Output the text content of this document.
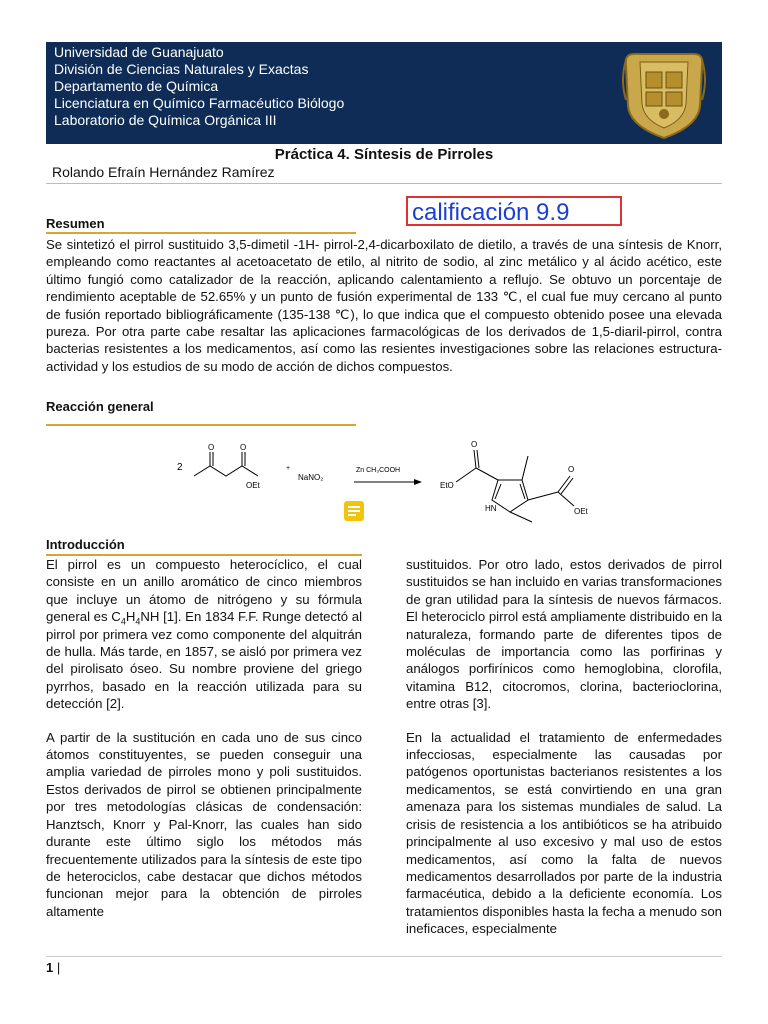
Universidad de Guanajuato
División de Ciencias Naturales y Exactas
Departamento de Química
Licenciatura en Químico Farmacéutico Biólogo
Laboratorio de Química Orgánica III
Práctica 4. Síntesis de Pirroles
Rolando Efraín Hernández Ramírez
calificación 9.9
Resumen

Se sintetizó el pirrol sustituido 3,5-dimetil -1H- pirrol-2,4-dicarboxilato de dietilo, a través de una síntesis de Knorr, empleando como reactantes al acetoacetato de etilo, al nitrito de sodio, al zinc metálico y al ácido acético, este último fungió como catalizador de la reacción, aplicando calentamiento a reflujo. Se obtuvo un porcentaje de rendimiento aceptable de 52.65% y un punto de fusión experimental de 133 ℃, el cual fue muy cercano al punto de fusión reportado bibliográficamente (135-138 ℃), lo que indica que el compuesto obtenido posee una elevada pureza. Por otra parte cabe resaltar las aplicaciones farmacológicas de los derivados de 1,5-diaril-pirrol, contra bacterias resistentes a los medicamentos, así como las resientes investigaciones sobre las relaciones estructura-actividad y los estudios de su modo de acción de dichos compuestos.

Reacción general
2
O	O
OEt
+
NaNO₂
Zn CH₃COOH
O
O
EtO
OEt
HN
Introducción

El pirrol es un compuesto heterocíclico, el cual consiste en un anillo aromático de cinco miembros que incluye un átomo de nitrógeno y su fórmula general es $C_4H_4NH$ [1]. En 1834 F.F. Runge detectó al pirrol por primera vez como componente del alquitrán de hulla. Más tarde, en 1857, se aisló por primera vez del pirolisato óseo. Su nombre proviene del griego pyrrhos, basado en la reacción utilizada para su detección [2].

A partir de la sustitución en cada uno de sus cinco átomos constituyentes, se pueden conseguir una amplia variedad de pirroles mono y poli sustituidos. Estos derivados de pirrol se obtienen principalmente por tres metodologías clásicas de condensación: Hanztsch, Knorr y Pal-Knorr, las cuales han sido durante este último siglo los métodos más frecuentemente utilizados para la síntesis de este tipo de heterociclos, cabe destacar que dichos métodos funcionan mejor para la obtención de pirroles altamente

sustituidos. Por otro lado, estos derivados de pirrol sustituidos se han incluido en varias transformaciones de gran utilidad para la síntesis de nuevos fármacos. El heterociclo pirrol está ampliamente distribuido en la naturaleza, formando parte de diferentes tipos de moléculas de importancia como las porfirinas y análogos porfirínicos como hemoglobina, clorofila, vitamina B12, citocromos, clorina, bacterioclorina, entre otras [3].

En la actualidad el tratamiento de enfermedades infecciosas, especialmente las causadas por patógenos oportunistas bacterianos resistentes a los medicamentos, se está convirtiendo en una gran amenaza para los sistemas mundiales de salud. La crisis de resistencia a los antibióticos se ha atribuido principalmente al uso excesivo y mal uso de estos medicamentos, así como la falta de nuevos medicamentos desarrollados por parte de la industria farmacéutica, debido a la deficiente economía. Los tratamientos disponibles hasta la fecha a menudo son ineficaces, especialmente

1 |
